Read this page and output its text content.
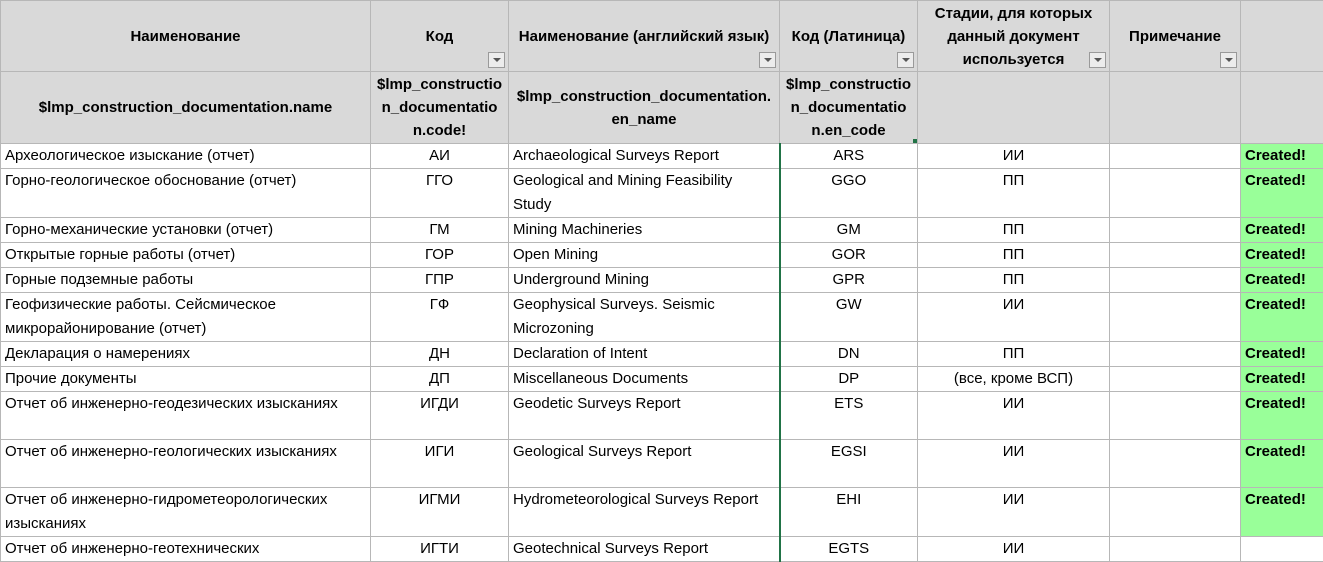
Наименование	Код	Наименование (английский язык)	Код (Латиница)	Стадии, для которых данный документ используется	Примечание

$lmp_construction_documentation.name	$lmp_construction_documentation.code!	$lmp_construction_documentation.en_name	$lmp_construction_documentation.en_code

Археологическое изыскание (отчет)	АИ	Archaeological Surveys Report	ARS	ИИ		Created!
Горно-геологическое обоснование (отчет)	ГГО	Geological and Mining Feasibility Study	GGO	ПП		Created!
Горно-механические установки (отчет)	ГМ	Mining Machineries	GM	ПП		Created!
Открытые горные работы (отчет)	ГОР	Open Mining	GOR	ПП		Created!
Горные подземные работы	ГПР	Underground Mining	GPR	ПП		Created!
Геофизические работы. Сейсмическое микрорайонирование (отчет)	ГФ	Geophysical Surveys. Seismic Microzoning	GW	ИИ		Created!
Декларация о намерениях	ДН	Declaration of Intent	DN	ПП		Created!
Прочие документы	ДП	Miscellaneous Documents	DP	(все, кроме ВСП)		Created!
Отчет об инженерно-геодезических изысканиях	ИГДИ	Geodetic Surveys Report	ETS	ИИ		Created!
Отчет об инженерно-геологических изысканиях	ИГИ	Geological Surveys Report	EGSI	ИИ		Created!
Отчет об инженерно-гидрометеорологических изысканиях	ИГМИ	Hydrometeorological Surveys Report	EHI	ИИ		Created!
Отчет об инженерно-геотехнических	ИГТИ	Geotechnical Surveys Report	EGTS	ИИ		
